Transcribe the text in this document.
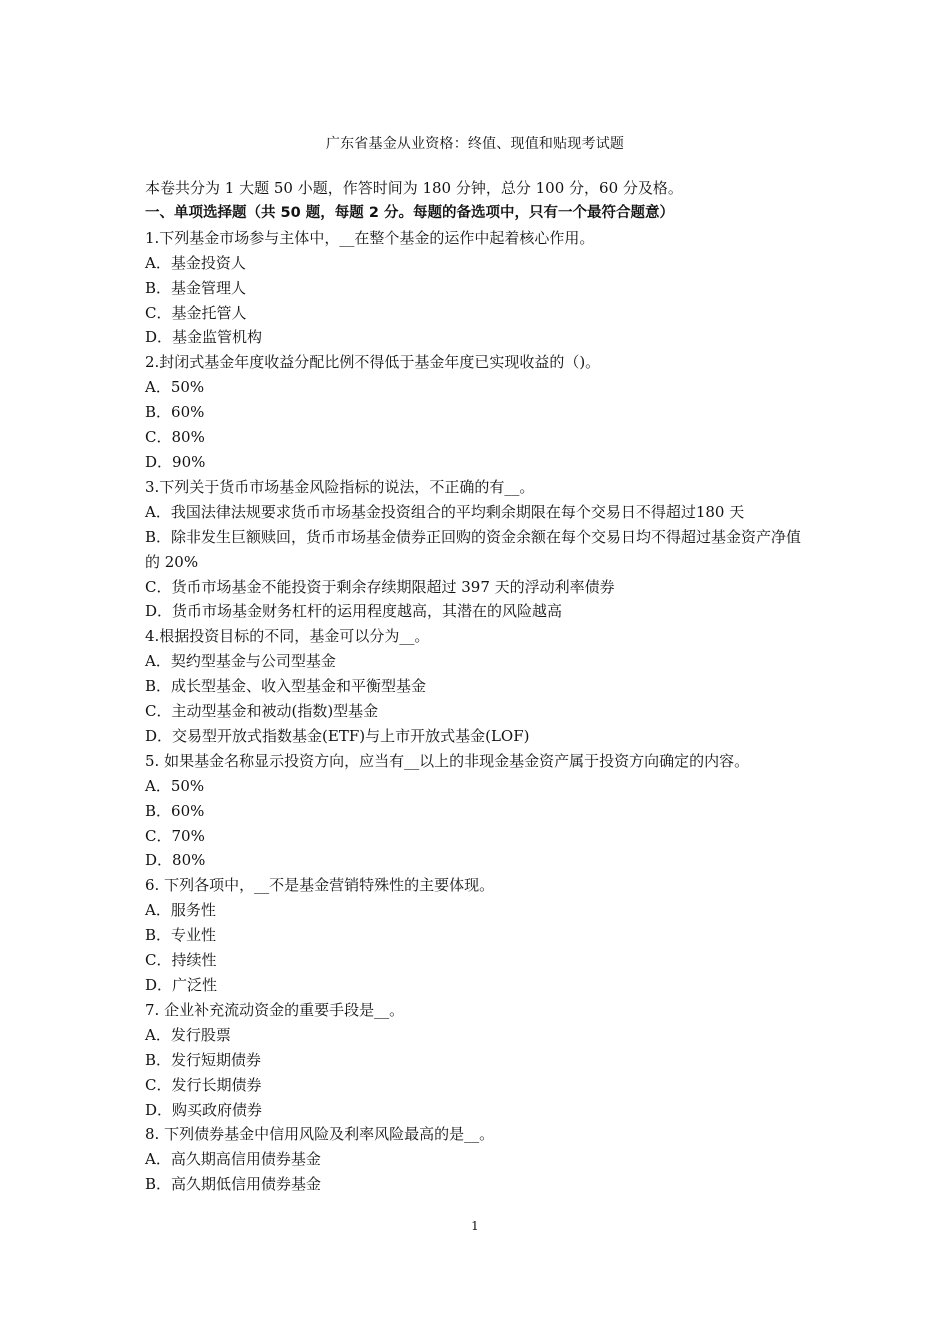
广东省基金从业资格：终值、现值和贴现考试题
本卷共分为 1 大题 50 小题，作答时间为 180 分钟，总分 100 分，60 分及格。
一、单项选择题（共 50 题，每题 2 分。每题的备选项中，只有一个最符合题意）
1.下列基金市场参与主体中，__在整个基金的运作中起着核心作用。
A．基金投资人
B．基金管理人
C．基金托管人
D．基金监管机构
2.封闭式基金年度收益分配比例不得低于基金年度已实现收益的（)。
A．50%
B．60%
C．80%
D．90%
3.下列关于货币市场基金风险指标的说法，不正确的有__。
A．我国法律法规要求货币市场基金投资组合的平均剩余期限在每个交易日不得超过180 天
B．除非发生巨额赎回，货币市场基金债券正回购的资金余额在每个交易日均不得超过基金资产净值的 20%
C．货币市场基金不能投资于剩余存续期限超过 397 天的浮动利率债券
D．货币市场基金财务杠杆的运用程度越高，其潜在的风险越高
4.根据投资目标的不同，基金可以分为__。
A．契约型基金与公司型基金
B．成长型基金、收入型基金和平衡型基金
C．主动型基金和被动(指数)型基金
D．交易型开放式指数基金(ETF)与上市开放式基金(LOF)
5. 如果基金名称显示投资方向，应当有__以上的非现金基金资产属于投资方向确定的内容。
A．50%
B．60%
C．70%
D．80%
6. 下列各项中，__不是基金营销特殊性的主要体现。
A．服务性
B．专业性
C．持续性
D．广泛性
7. 企业补充流动资金的重要手段是__。
A．发行股票
B．发行短期债券
C．发行长期债券
D．购买政府债券
8. 下列债券基金中信用风险及利率风险最高的是__。
A．高久期高信用债券基金
B．高久期低信用债券基金
1
